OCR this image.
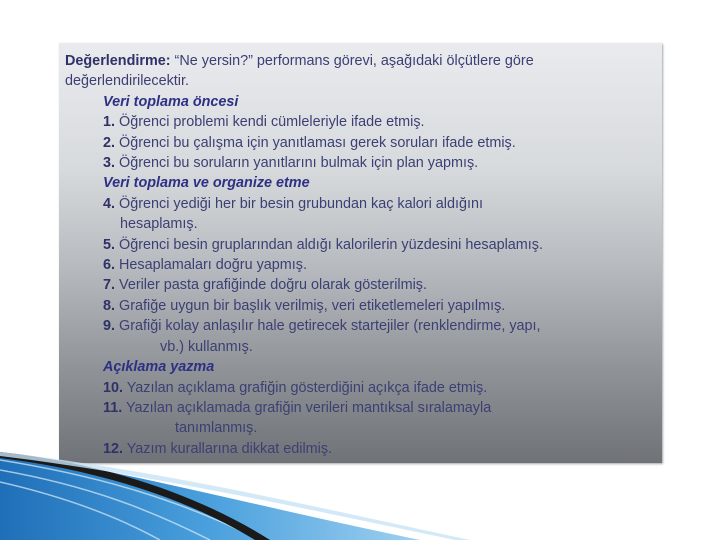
Değerlendirme: “Ne yersin?” performans görevi, aşağıdaki ölçütlere göre

değerlendirilecektir.

Veri toplama öncesi

1. Öğrenci problemi kendi cümleleriyle ifade etmiş.

2. Öğrenci bu çalışma için yanıtlaması gerek soruları ifade etmiş.

3. Öğrenci bu soruların yanıtlarını bulmak için plan yapmış.

Veri toplama ve organize etme

4. Öğrenci yediği her bir besin grubundan kaç kalori aldığını

hesaplamış.

5. Öğrenci besin gruplarından aldığı kalorilerin yüzdesini hesaplamış.

6. Hesaplamaları doğru yapmış.

7. Veriler pasta grafiğinde doğru olarak gösterilmiş.

8. Grafiğe uygun bir başlık verilmiş, veri etiketlemeleri yapılmış.

9. Grafiği kolay anlaşılır hale getirecek startejiler (renklendirme, yapı,

vb.) kullanmış.

Açıklama yazma

10. Yazılan açıklama grafiğin gösterdiğini açıkça ifade etmiş.

11. Yazılan açıklamada grafiğin verileri mantıksal sıralamayla

tanımlanmış.

12. Yazım kurallarına dikkat edilmiş.
